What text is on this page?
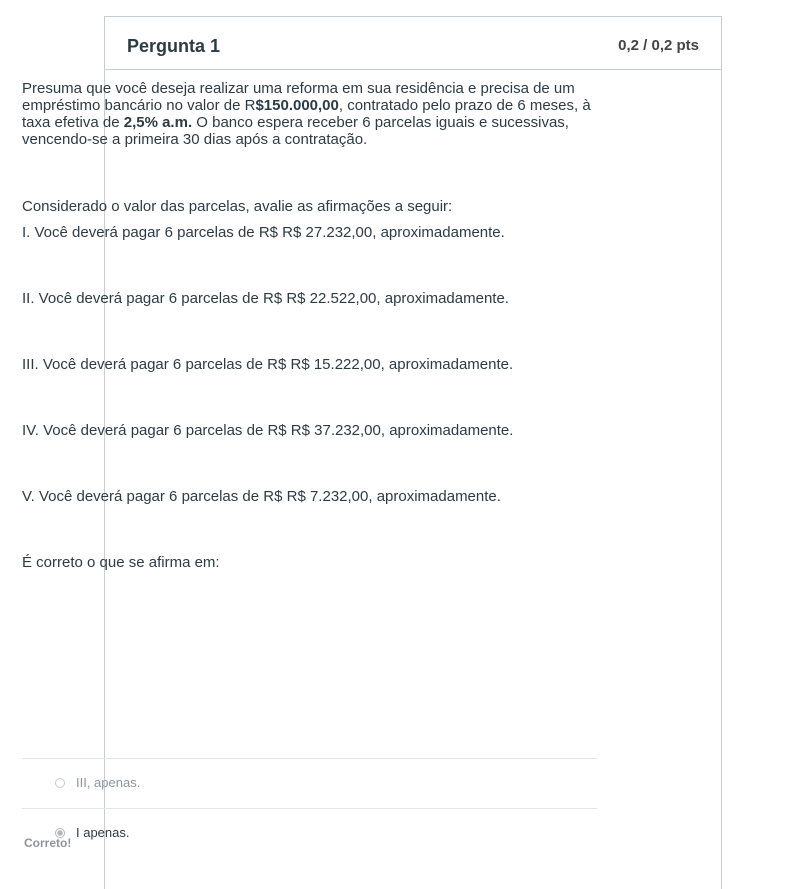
Pergunta 1	0,2 / 0,2 pts

Presuma que você deseja realizar uma reforma em sua residência e precisa de um empréstimo bancário no valor de R$150.000,00, contratado pelo prazo de 6 meses, à taxa efetiva de 2,5% a.m. O banco espera receber 6 parcelas iguais e sucessivas, vencendo-se a primeira 30 dias após a contratação.

Considerado o valor das parcelas, avalie as afirmações a seguir:

I. Você deverá pagar 6 parcelas de R$ R$ 27.232,00, aproximadamente.

II. Você deverá pagar 6 parcelas de R$ R$ 22.522,00, aproximadamente.

III. Você deverá pagar 6 parcelas de R$ R$ 15.222,00, aproximadamente.

IV. Você deverá pagar 6 parcelas de R$ R$ 37.232,00, aproximadamente.

V. Você deverá pagar 6 parcelas de R$ R$ 7.232,00, aproximadamente.

É correto o que se afirma em:

III, apenas.
I apenas.
Correto!
